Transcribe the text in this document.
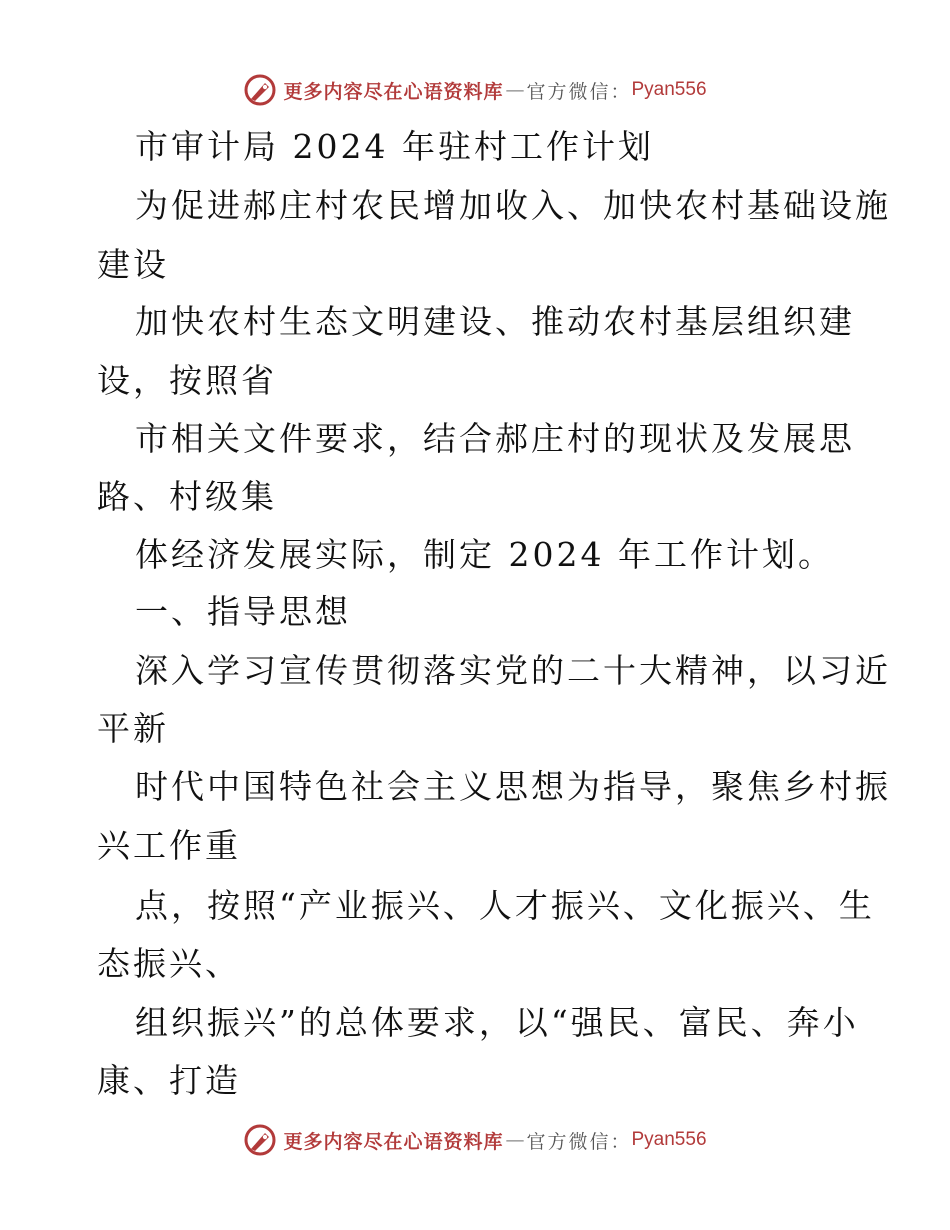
更多内容尽在心语资料库 — 官方微信： Pyan556
市审计局 2024 年驻村工作计划
为促进郝庄村农民增加收入、加快农村基础设施
建设
加快农村生态文明建设、推动农村基层组织建
设，按照省
市相关文件要求，结合郝庄村的现状及发展思
路、村级集
体经济发展实际，制定 2024 年工作计划。
一、指导思想
深入学习宣传贯彻落实党的二十大精神，以习近
平新
时代中国特色社会主义思想为指导，聚焦乡村振
兴工作重
点，按照“产业振兴、人才振兴、文化振兴、生
态振兴、
组织振兴”的总体要求，以“强民、富民、奔小
康、打造
更多内容尽在心语资料库 — 官方微信： Pyan556
